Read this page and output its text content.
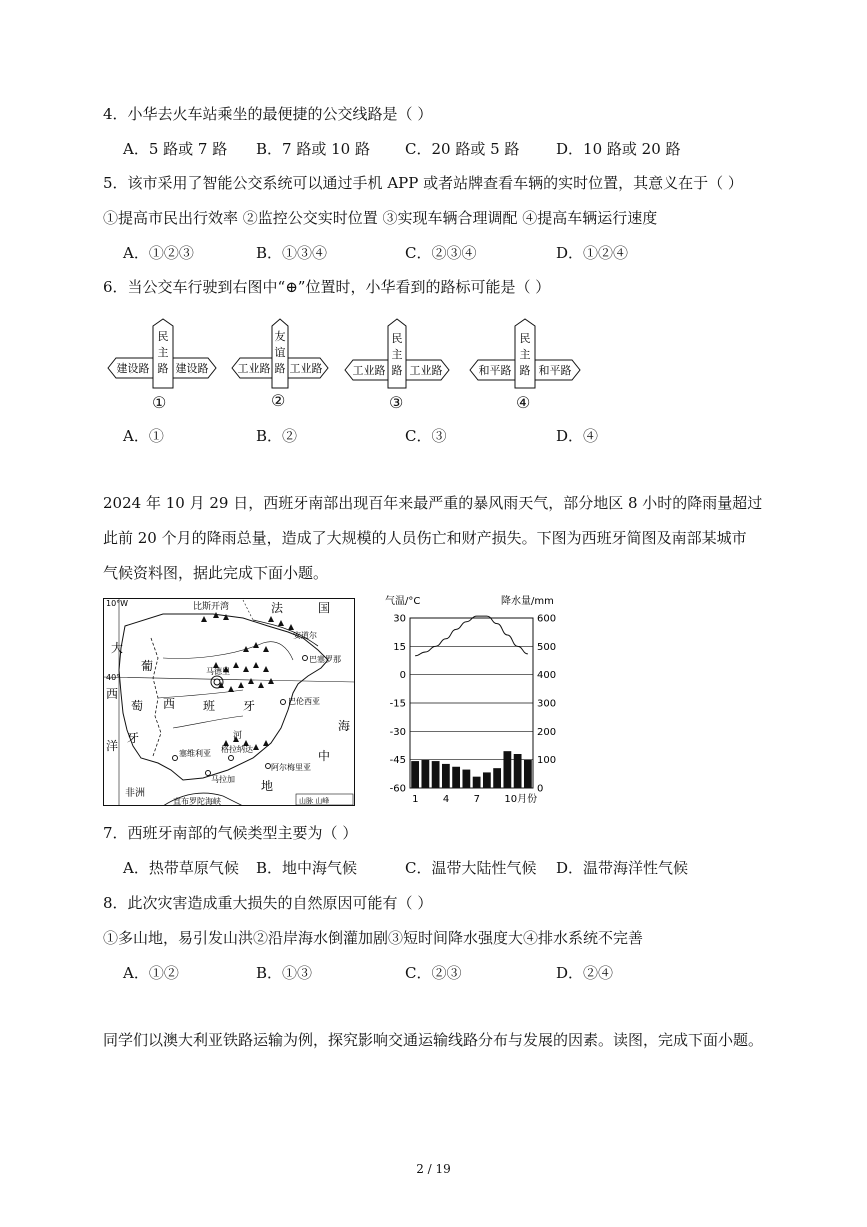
4．小华去火车站乘坐的最便捷的公交线路是（ ）
A．5 路或 7 路 B．7 路或 10 路 C．20 路或 5 路 D．10 路或 20 路
5．该市采用了智能公交系统可以通过手机 APP 或者站牌查看车辆的实时位置，其意义在于（ ）
①提高市民出行效率 ②监控公交实时位置 ③实现车辆合理调配 ④提高车辆运行速度
A．①②③	B．①③④	C．②③④	D．①②④
6．当公交车行驶到右图中“⊕”位置时，小华看到的路标可能是（ ）
民
主
路
建设路 建设路
①
友
谊
路
工业路 工业路
②
民
主
路
工业路 工业路
③
民
主
路
和平路 和平路
④
A．①	B．②	C．③	D．④
2024 年 10 月 29 日，西班牙南部出现百年来最严重的暴风雨天气，部分地区 8 小时的降雨量超过
此前 20 个月的降雨总量，造成了大规模的人员伤亡和财产损失。下图为西班牙简图及南部某城市
气候资料图，据此完成下面小题。
10°W
40°
比斯开湾	法	国
大
西
洋
葡
萄
牙
西 班 牙
海
中
地
非洲
直布罗陀海峡
马德里
巴塞罗那
巴伦西亚
安道尔
塞维利亚 格拉纳达
马拉加
阿尔梅里亚
河
山脉 山峰
气温/°C	降水量/mm
30
15
0
-15
-30
-45
-60
600
500
400
300
200
100
0
1 4 7 10月份
7．西班牙南部的气候类型主要为（ ）
A．热带草原气候 B．地中海气候	C．温带大陆性气候 D．温带海洋性气候
8．此次灾害造成重大损失的自然原因可能有（ ）
①多山地，易引发山洪②沿岸海水倒灌加剧③短时间降水强度大④排水系统不完善
A．①②	B．①③	C．②③	D．②④
同学们以澳大利亚铁路运输为例，探究影响交通运输线路分布与发展的因素。读图，完成下面小题。
2 / 19
